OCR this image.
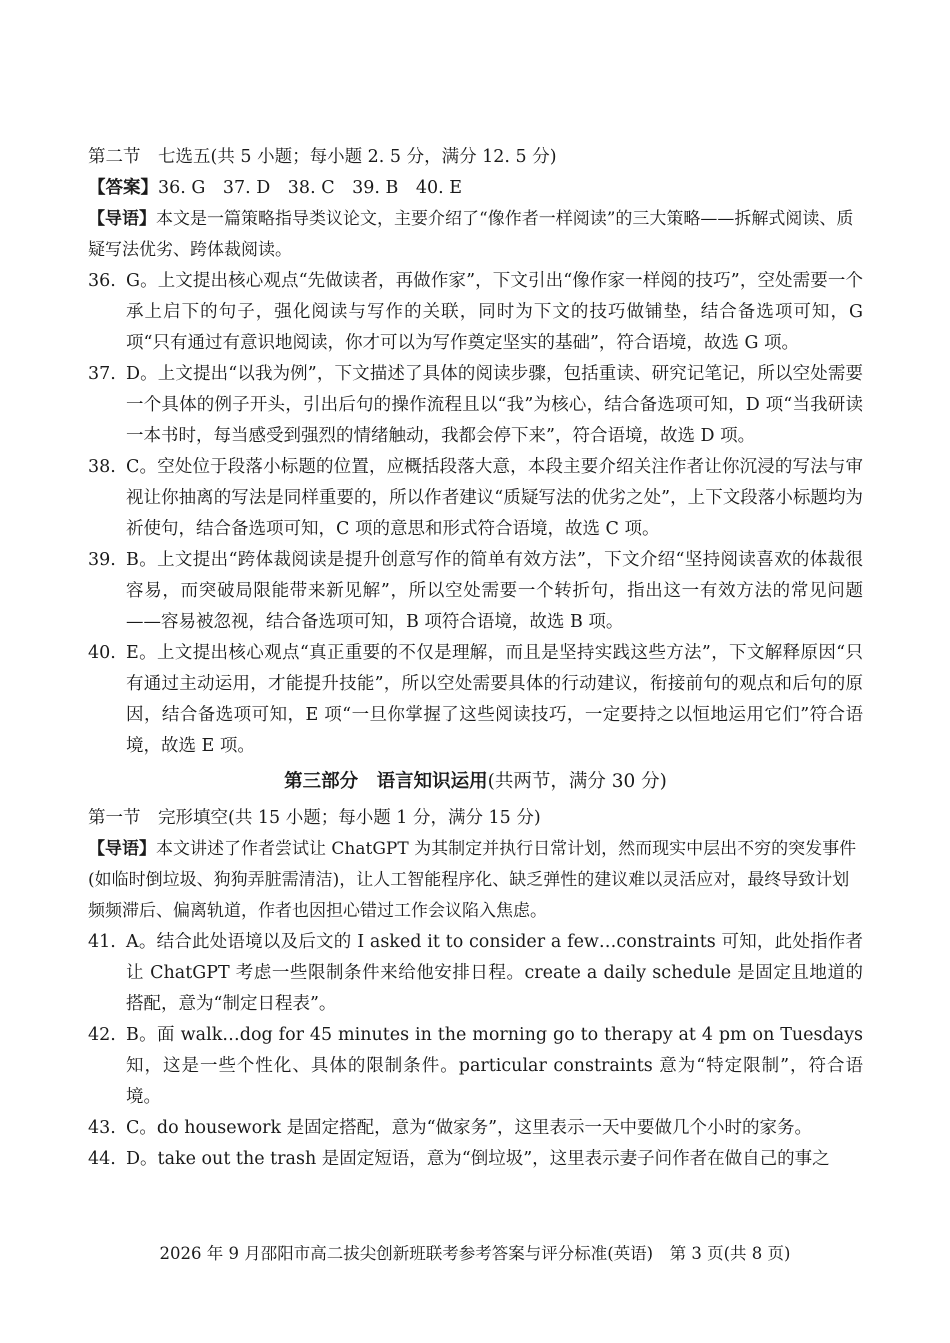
第二节　七选五(共 5 小题；每小题 2. 5 分，满分 12. 5 分)
【答案】36. G　37. D　38. C　39. B　40. E
【导语】本文是一篇策略指导类议论文，主要介绍了“像作者一样阅读”的三大策略——拆解式阅读、质疑写法优劣、跨体裁阅读。
36. G。上文提出核心观点“先做读者，再做作家”，下文引出“像作家一样阅的技巧”，空处需要一个承上启下的句子，强化阅读与写作的关联，同时为下文的技巧做铺垫，结合备选项可知，G 项“只有通过有意识地阅读，你才可以为写作奠定坚实的基础”，符合语境，故选 G 项。
37. D。上文提出“以我为例”，下文描述了具体的阅读步骤，包括重读、研究记笔记，所以空处需要一个具体的例子开头，引出后句的操作流程且以“我”为核心，结合备选项可知，D 项“当我研读一本书时，每当感受到强烈的情绪触动，我都会停下来”，符合语境，故选 D 项。
38. C。空处位于段落小标题的位置，应概括段落大意，本段主要介绍关注作者让你沉浸的写法与审视让你抽离的写法是同样重要的，所以作者建议“质疑写法的优劣之处”，上下文段落小标题均为祈使句，结合备选项可知，C 项的意思和形式符合语境，故选 C 项。
39. B。上文提出“跨体裁阅读是提升创意写作的简单有效方法”，下文介绍“坚持阅读喜欢的体裁很容易，而突破局限能带来新见解”，所以空处需要一个转折句，指出这一有效方法的常见问题——容易被忽视，结合备选项可知，B 项符合语境，故选 B 项。
40. E。上文提出核心观点“真正重要的不仅是理解，而且是坚持实践这些方法”，下文解释原因“只有通过主动运用，才能提升技能”，所以空处需要具体的行动建议，衔接前句的观点和后句的原因，结合备选项可知，E 项“一旦你掌握了这些阅读技巧，一定要持之以恒地运用它们”符合语境，故选 E 项。
第三部分　语言知识运用(共两节，满分 30 分)
第一节　完形填空(共 15 小题；每小题 1 分，满分 15 分)
【导语】本文讲述了作者尝试让 ChatGPT 为其制定并执行日常计划，然而现实中层出不穷的突发事件(如临时倒垃圾、狗狗弄脏需清洁)，让人工智能程序化、缺乏弹性的建议难以灵活应对，最终导致计划频频滞后、偏离轨道，作者也因担心错过工作会议陷入焦虑。
41. A。结合此处语境以及后文的 I asked it to consider a few…constraints 可知，此处指作者让 ChatGPT 考虑一些限制条件来给他安排日程。create a daily schedule 是固定且地道的搭配，意为“制定日程表”。
42. B。面 walk…dog for 45 minutes in the morning go to therapy at 4 pm on Tuesdays 知，这是一些个性化、具体的限制条件。particular constraints 意为“特定限制”，符合语境。
43. C。do housework 是固定搭配，意为“做家务”，这里表示一天中要做几个小时的家务。
44. D。take out the trash 是固定短语，意为“倒垃圾”，这里表示妻子问作者在做自己的事之
2026 年 9 月邵阳市高二拔尖创新班联考参考答案与评分标准(英语)　第 3 页(共 8 页)
